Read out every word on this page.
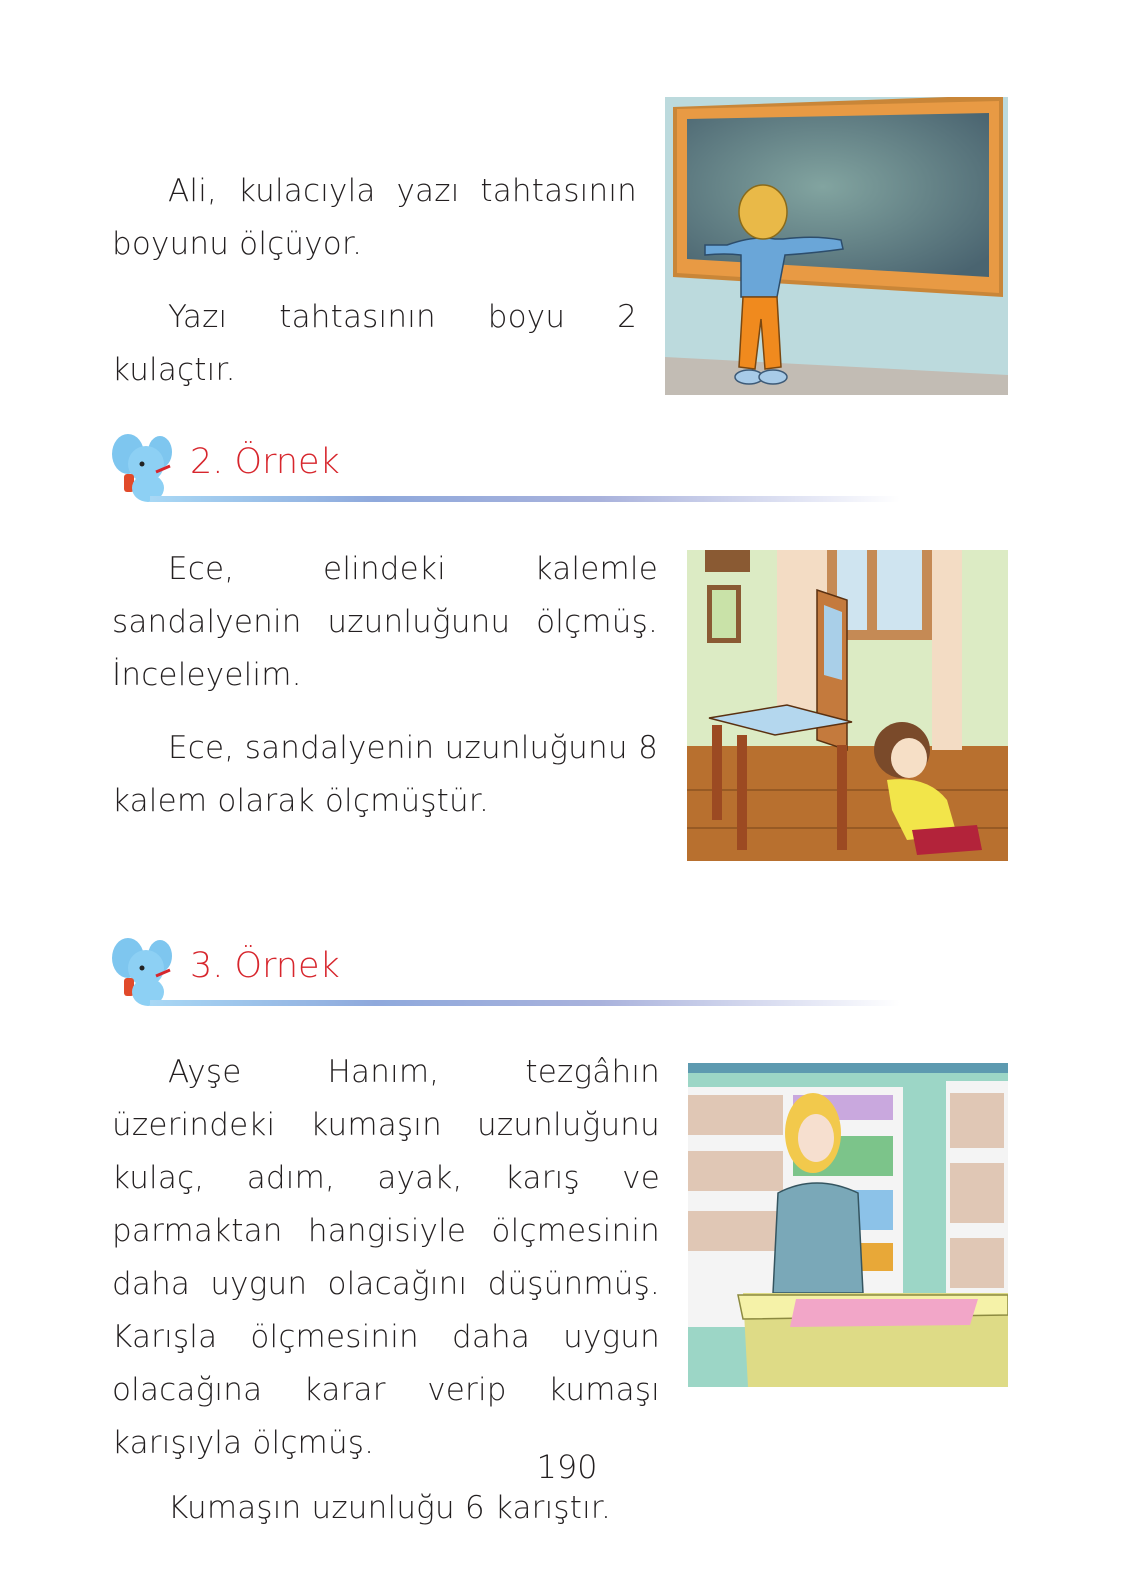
Ali, kulacıyla yazı tahtasının boyunu ölçüyor.

Yazı tahtasının boyu 2 kulaçtır.

2. Örnek

Ece, elindeki kalemle sandalyenin uzunluğunu ölçmüş. İnceleyelim.

Ece, sandalyenin uzunluğunu 8 kalem olarak ölçmüştür.

3. Örnek

Ayşe Hanım, tezgâhın üzerindeki kumaşın uzunluğunu kulaç, adım, ayak, karış ve parmaktan hangisiyle ölçmesinin daha uygun olacağını düşünmüş. Karışla ölçmesinin daha uygun olacağına karar verip kumaşı karışıyla ölçmüş.

Kumaşın uzunluğu 6 karıştır.

190
